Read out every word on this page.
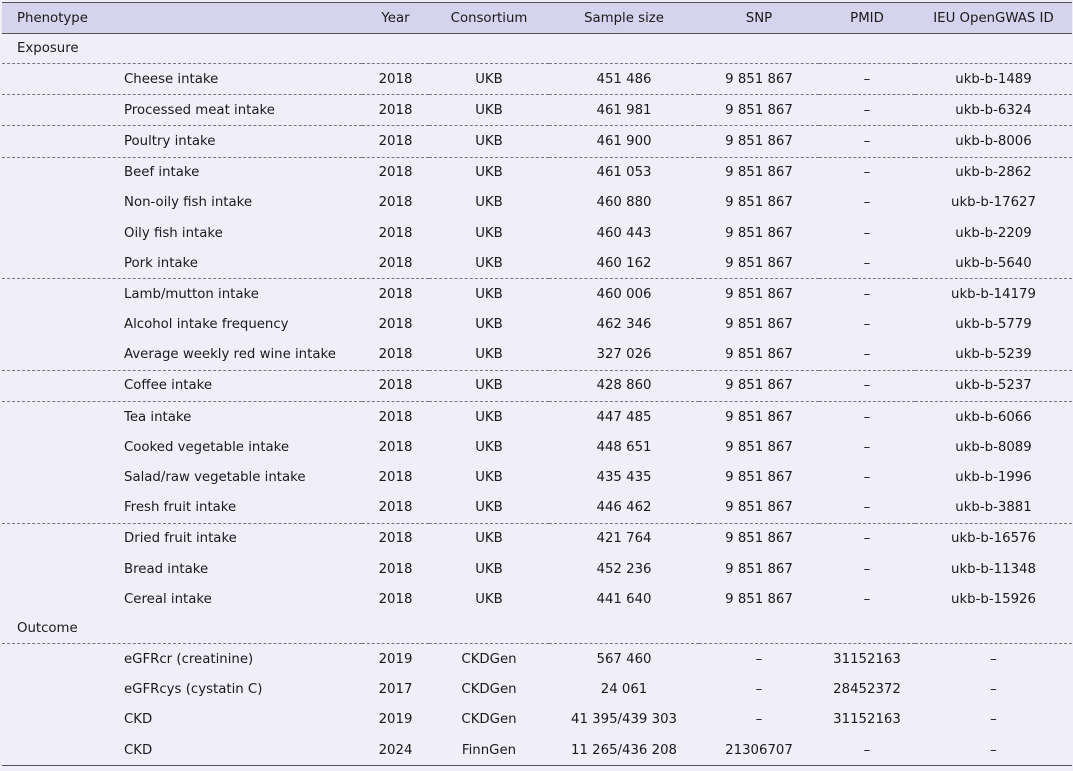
Phenotype	Year	Consortium	Sample size	SNP	PMID	IEU OpenGWAS ID
Exposure						
Cheese intake	2018	UKB	451 486	9 851 867	–	ukb-b-1489
Processed meat intake	2018	UKB	461 981	9 851 867	–	ukb-b-6324
Poultry intake	2018	UKB	461 900	9 851 867	–	ukb-b-8006
Beef intake	2018	UKB	461 053	9 851 867	–	ukb-b-2862
Non-oily fish intake	2018	UKB	460 880	9 851 867	–	ukb-b-17627
Oily fish intake	2018	UKB	460 443	9 851 867	–	ukb-b-2209
Pork intake	2018	UKB	460 162	9 851 867	–	ukb-b-5640
Lamb/mutton intake	2018	UKB	460 006	9 851 867	–	ukb-b-14179
Alcohol intake frequency	2018	UKB	462 346	9 851 867	–	ukb-b-5779
Average weekly red wine intake	2018	UKB	327 026	9 851 867	–	ukb-b-5239
Coffee intake	2018	UKB	428 860	9 851 867	–	ukb-b-5237
Tea intake	2018	UKB	447 485	9 851 867	–	ukb-b-6066
Cooked vegetable intake	2018	UKB	448 651	9 851 867	–	ukb-b-8089
Salad/raw vegetable intake	2018	UKB	435 435	9 851 867	–	ukb-b-1996
Fresh fruit intake	2018	UKB	446 462	9 851 867	–	ukb-b-3881
Dried fruit intake	2018	UKB	421 764	9 851 867	–	ukb-b-16576
Bread intake	2018	UKB	452 236	9 851 867	–	ukb-b-11348
Cereal intake	2018	UKB	441 640	9 851 867	–	ukb-b-15926
Outcome						
eGFRcr (creatinine)	2019	CKDGen	567 460	–	31152163	–
eGFRcys (cystatin C)	2017	CKDGen	24 061	–	28452372	–
CKD	2019	CKDGen	41 395/439 303	–	31152163	–
CKD	2024	FinnGen	11 265/436 208	21306707	–	–
